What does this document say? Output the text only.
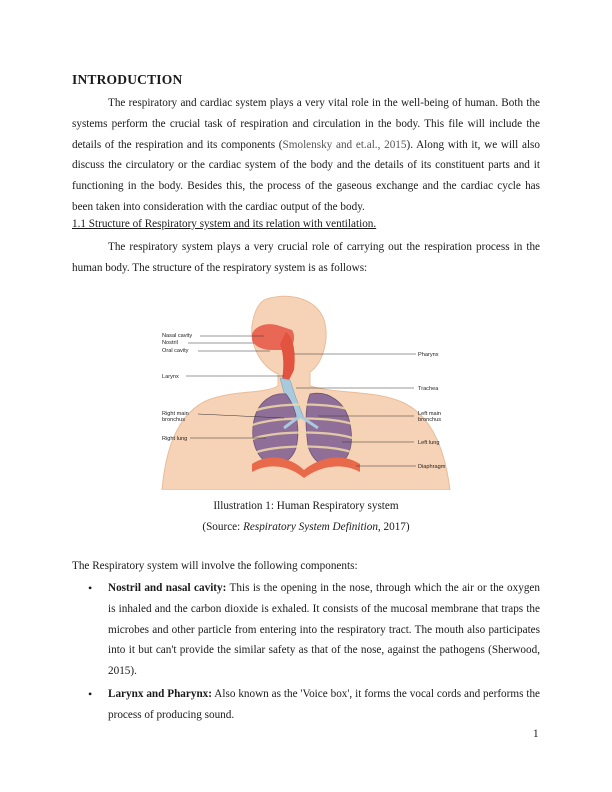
INTRODUCTION

The respiratory and cardiac system plays a very vital role in the well-being of human. Both the systems perform the crucial task of respiration and circulation in the body. This file will include the details of the respiration and its components (Smolensky and et.al., 2015). Along with it, we will also discuss the circulatory or the cardiac system of the body and the details of its constituent parts and it functioning in the body. Besides this, the process of the gaseous exchange and the cardiac cycle has been taken into consideration with the cardiac output of the body.

1.1 Structure of Respiratory system and its relation with ventilation.

The respiratory system plays a very crucial role of carrying out the respiration process in the human body. The structure of the respiratory system is as follows:

Nasal cavity
Nostril
Oral cavity
Larynx
Right main
bronchus
Right lung
Pharynx
Trachea
Left main
bronchus
Left lung
Diaphragm
Illustration 1: Human Respiratory system
(Source: Respiratory System Definition, 2017)

The Respiratory system will involve the following components:

• Nostril and nasal cavity: This is the opening in the nose, through which the air or the oxygen is inhaled and the carbon dioxide is exhaled. It consists of the mucosal membrane that traps the microbes and other particle from entering into the respiratory tract. The mouth also participates into it but can't provide the similar safety as that of the nose, against the pathogens (Sherwood, 2015).
• Larynx and Pharynx: Also known as the 'Voice box', it forms the vocal cords and performs the process of producing sound.
1
